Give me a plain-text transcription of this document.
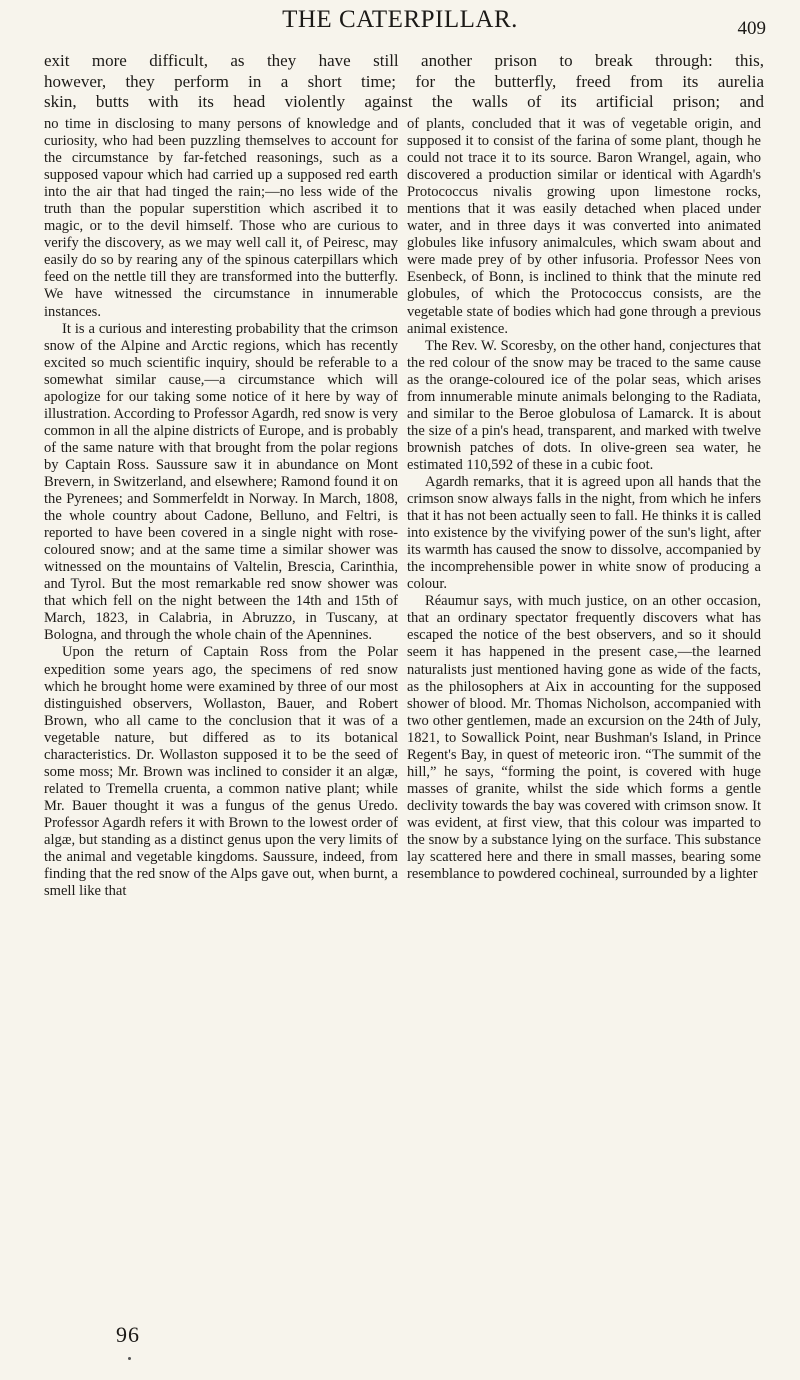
THE CATERPILLAR.	409
exit more difficult, as they have still another prison to break through: this,
however, they perform in a short time; for the butterfly, freed from its aurelia
skin, butts with its head violently against the walls of its artificial prison; and

no time in disclosing to many persons of knowledge and curiosity, who had been puzzling themselves to account for the circumstance by far-fetched reasonings, such as a supposed vapour which had carried up a supposed red earth into the air that had tinged the rain;—no less wide of the truth than the popular superstition which ascribed it to magic, or to the devil himself. Those who are curious to verify the discovery, as we may well call it, of Peiresc, may easily do so by rearing any of the spinous caterpillars which feed on the nettle till they are transformed into the butterfly. We have witnessed the circumstance in innumerable instances.

It is a curious and interesting probability that the crimson snow of the Alpine and Arctic regions, which has recently excited so much scientific inquiry, should be referable to a somewhat similar cause,—a circumstance which will apologize for our taking some notice of it here by way of illustration. According to Professor Agardh, red snow is very common in all the alpine districts of Europe, and is probably of the same nature with that brought from the polar regions by Captain Ross. Saussure saw it in abundance on Mont Brevern, in Switzerland, and elsewhere; Ramond found it on the Pyrenees; and Sommerfeldt in Norway. In March, 1808, the whole country about Cadone, Belluno, and Feltri, is reported to have been covered in a single night with rose-coloured snow; and at the same time a similar shower was witnessed on the mountains of Valtelin, Brescia, Carinthia, and Tyrol. But the most remarkable red snow shower was that which fell on the night between the 14th and 15th of March, 1823, in Calabria, in Abruzzo, in Tuscany, at Bologna, and through the whole chain of the Apennines.

Upon the return of Captain Ross from the Polar expedition some years ago, the specimens of red snow which he brought home were examined by three of our most distinguished observers, Wollaston, Bauer, and Robert Brown, who all came to the conclusion that it was of a vegetable nature, but differed as to its botanical characteristics. Dr. Wollaston supposed it to be the seed of some moss; Mr. Brown was inclined to consider it an algæ, related to Tremella cruenta, a common native plant; while Mr. Bauer thought it was a fungus of the genus Uredo. Professor Agardh refers it with Brown to the lowest order of algæ, but standing as a distinct genus upon the very limits of the animal and vegetable kingdoms. Saussure, indeed, from finding that the red snow of the Alps gave out, when burnt, a smell like that

of plants, concluded that it was of vegetable origin, and supposed it to consist of the farina of some plant, though he could not trace it to its source. Baron Wrangel, again, who discovered a production similar or identical with Agardh's Protococcus nivalis growing upon limestone rocks, mentions that it was easily detached when placed under water, and in three days it was converted into animated globules like infusory animalcules, which swam about and were made prey of by other infusoria. Professor Nees von Esenbeck, of Bonn, is inclined to think that the minute red globules, of which the Protococcus consists, are the vegetable state of bodies which had gone through a previous animal existence.

The Rev. W. Scoresby, on the other hand, conjectures that the red colour of the snow may be traced to the same cause as the orange-coloured ice of the polar seas, which arises from innumerable minute animals belonging to the Radiata, and similar to the Beroe globulosa of Lamarck. It is about the size of a pin's head, transparent, and marked with twelve brownish patches of dots. In olive-green sea water, he estimated 110,592 of these in a cubic foot.

Agardh remarks, that it is agreed upon all hands that the crimson snow always falls in the night, from which he infers that it has not been actually seen to fall. He thinks it is called into existence by the vivifying power of the sun's light, after its warmth has caused the snow to dissolve, accompanied by the incomprehensible power in white snow of producing a colour.

Réaumur says, with much justice, on an other occasion, that an ordinary spectator frequently discovers what has escaped the notice of the best observers, and so it should seem it has happened in the present case,—the learned naturalists just mentioned having gone as wide of the facts, as the philosophers at Aix in accounting for the supposed shower of blood. Mr. Thomas Nicholson, accompanied with two other gentlemen, made an excursion on the 24th of July, 1821, to Sowallick Point, near Bushman's Island, in Prince Regent's Bay, in quest of meteoric iron. “The summit of the hill,” he says, “forming the point, is covered with huge masses of granite, whilst the side which forms a gentle declivity towards the bay was covered with crimson snow. It was evident, at first view, that this colour was imparted to the snow by a substance lying on the surface. This substance lay scattered here and there in small masses, bearing some resemblance to powdered cochineal, surrounded by a lighter

96
